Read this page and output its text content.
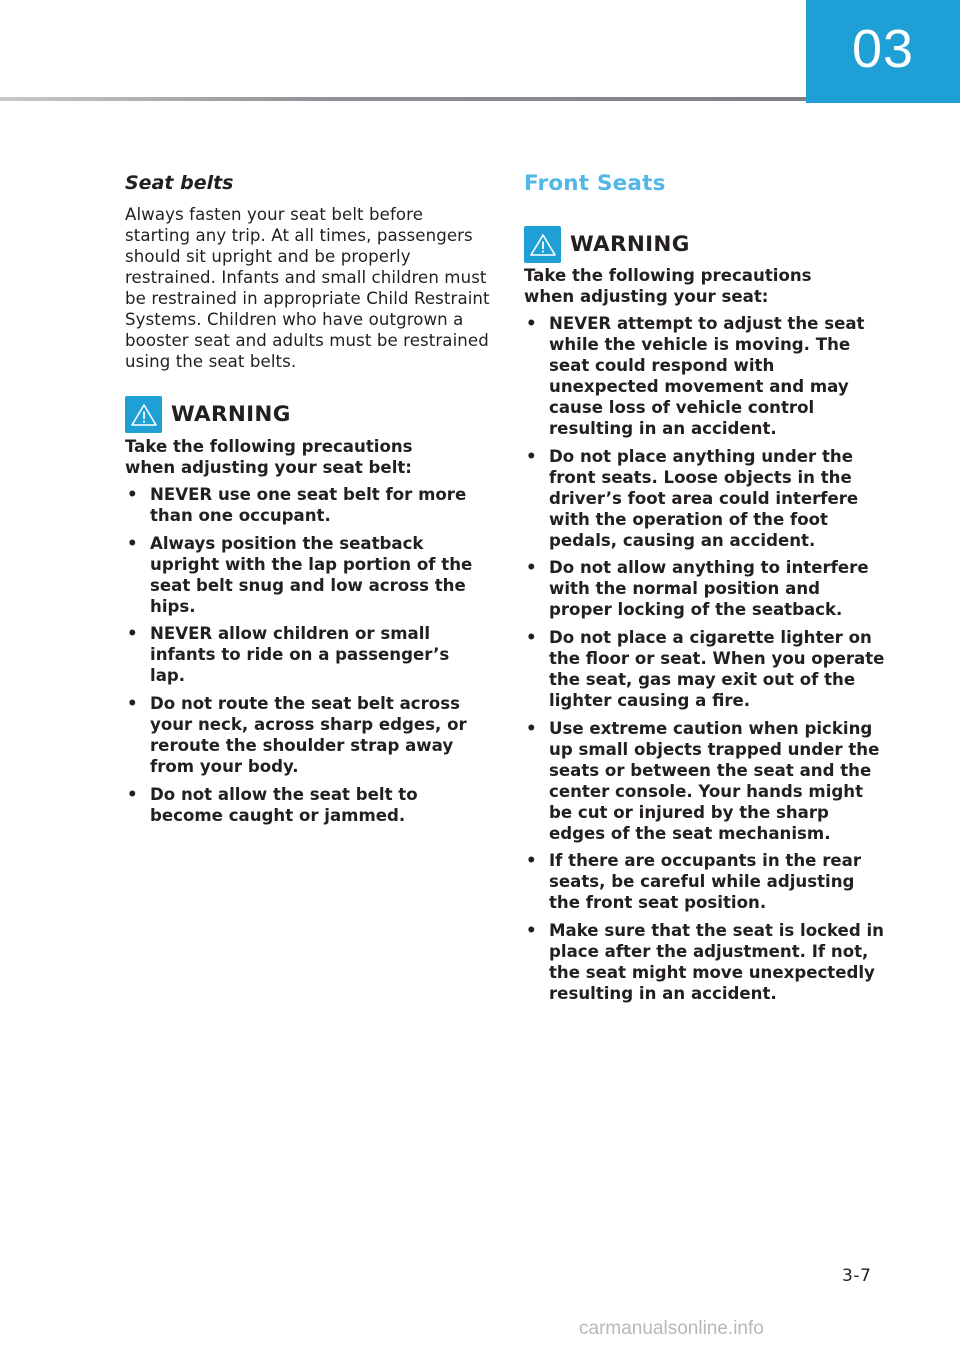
03
Seat belts

Always fasten your seat belt before starting any trip. At all times, passengers should sit upright and be properly restrained. Infants and small children must be restrained in appropriate Child Restraint Systems. Children who have outgrown a booster seat and adults must be restrained using the seat belts.

WARNING

Take the following precautions when adjusting your seat belt:

• NEVER use one seat belt for more than one occupant.
• Always position the seatback upright with the lap portion of the seat belt snug and low across the hips.
• NEVER allow children or small infants to ride on a passenger’s lap.
• Do not route the seat belt across your neck, across sharp edges, or reroute the shoulder strap away from your body.
• Do not allow the seat belt to become caught or jammed.
Front Seats
WARNING

Take the following precautions when adjusting your seat:

• NEVER attempt to adjust the seat while the vehicle is moving. The seat could respond with unexpected movement and may cause loss of vehicle control resulting in an accident.
• Do not place anything under the front seats. Loose objects in the driver’s foot area could interfere with the operation of the foot pedals, causing an accident.
• Do not allow anything to interfere with the normal position and proper locking of the seatback.
• Do not place a cigarette lighter on the floor or seat. When you operate the seat, gas may exit out of the lighter causing a fire.
• Use extreme caution when picking up small objects trapped under the seats or between the seat and the center console. Your hands might be cut or injured by the sharp edges of the seat mechanism.
• If there are occupants in the rear seats, be careful while adjusting the front seat position.
• Make sure that the seat is locked in place after the adjustment. If not, the seat might move unexpectedly resulting in an accident.
3-7
carmanualsonline.info
